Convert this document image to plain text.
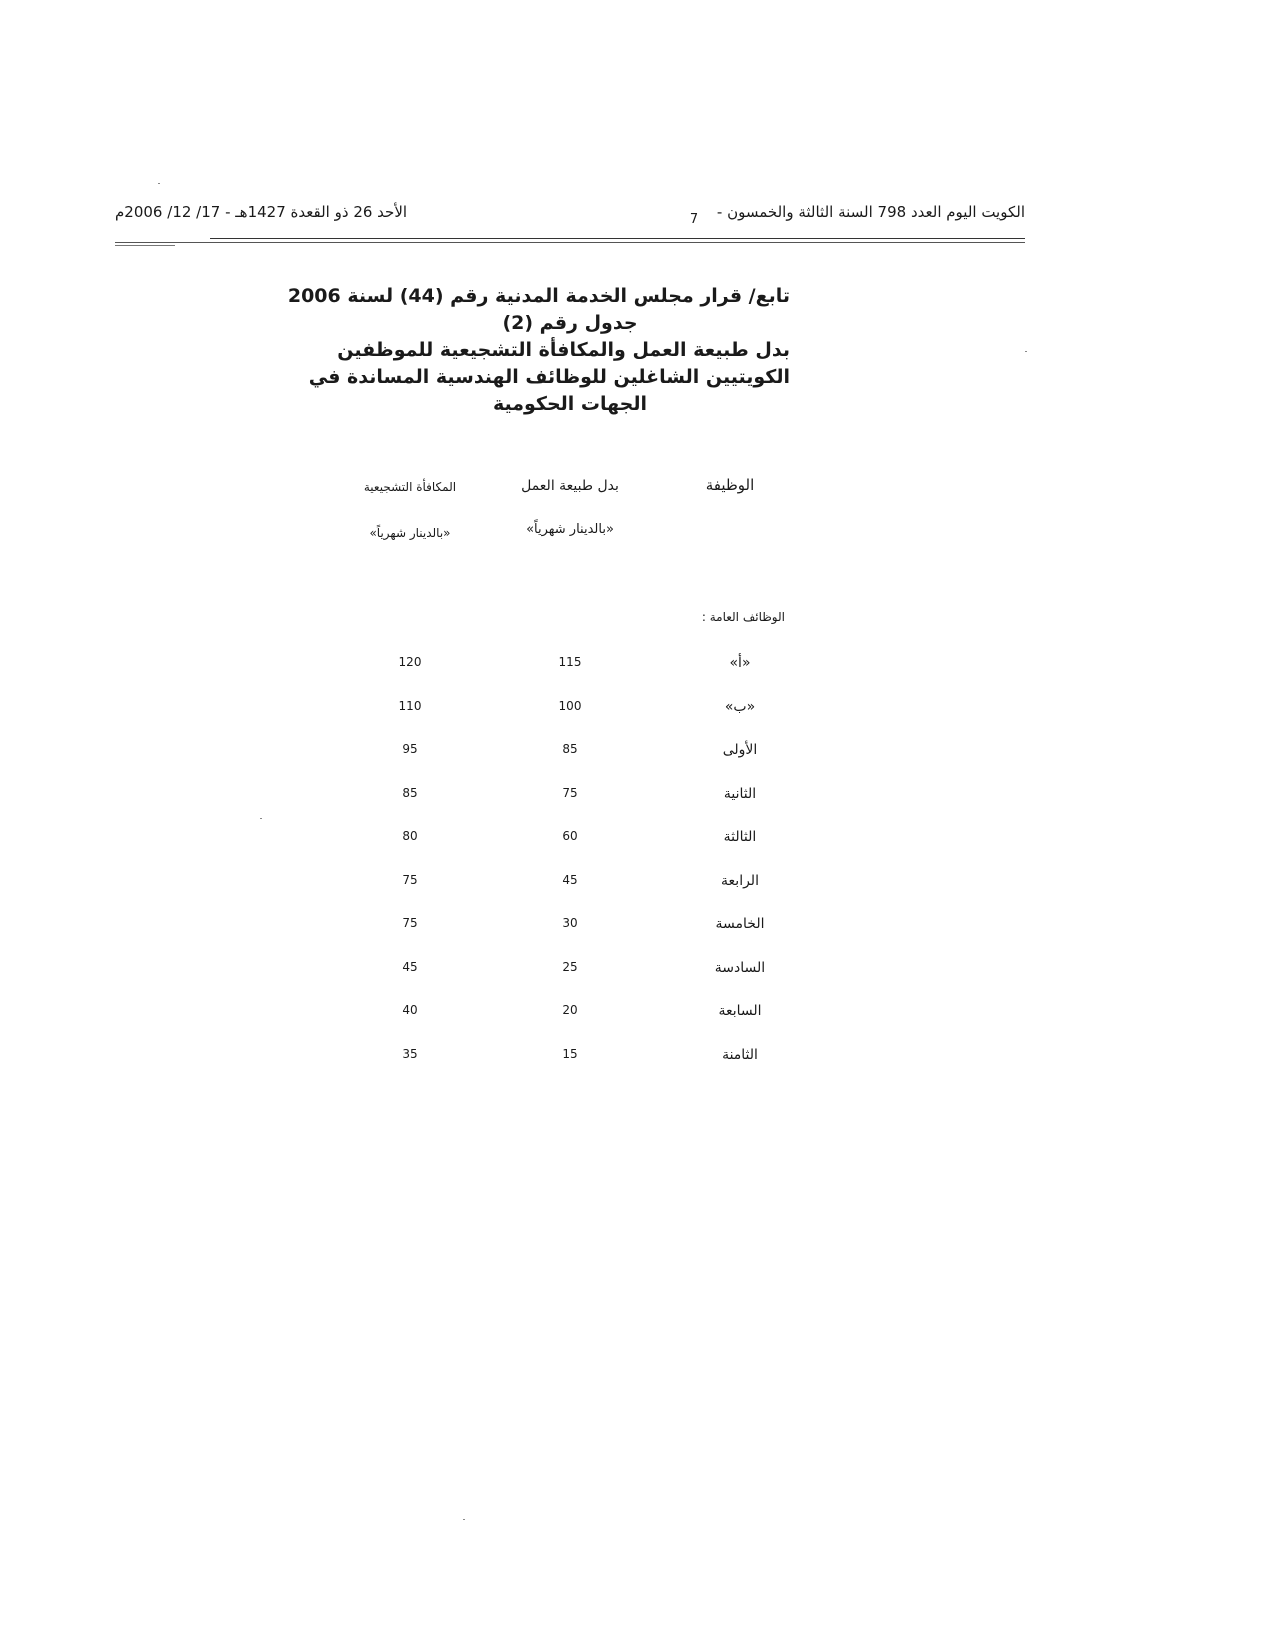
الأحد 26 ذو القعدة 1427هـ - 17/ 12/ 2006م	الكويت اليوم العدد 798 السنة الثالثة والخمسون - 7
تابع/ قرار مجلس الخدمة المدنية رقم (44) لسنة 2006
جدول رقم (2)
بدل طبيعة العمل والمكافأة التشجيعية للموظفين
الكويتيين الشاغلين للوظائف الهندسية المساندة في
الجهات الحكومية
الوظيفة
بدل طبيعة العمل
المكافأة التشجيعية
«بالدينار شهرياً»
«بالدينار شهرياً»
الوظائف العامة :
«أ»
115
120
«ب»
100
110
الأولى
85
95
الثانية
75
85
الثالثة
60
80
الرابعة
45
75
الخامسة
30
75
السادسة
25
45
السابعة
20
40
الثامنة
15
35
